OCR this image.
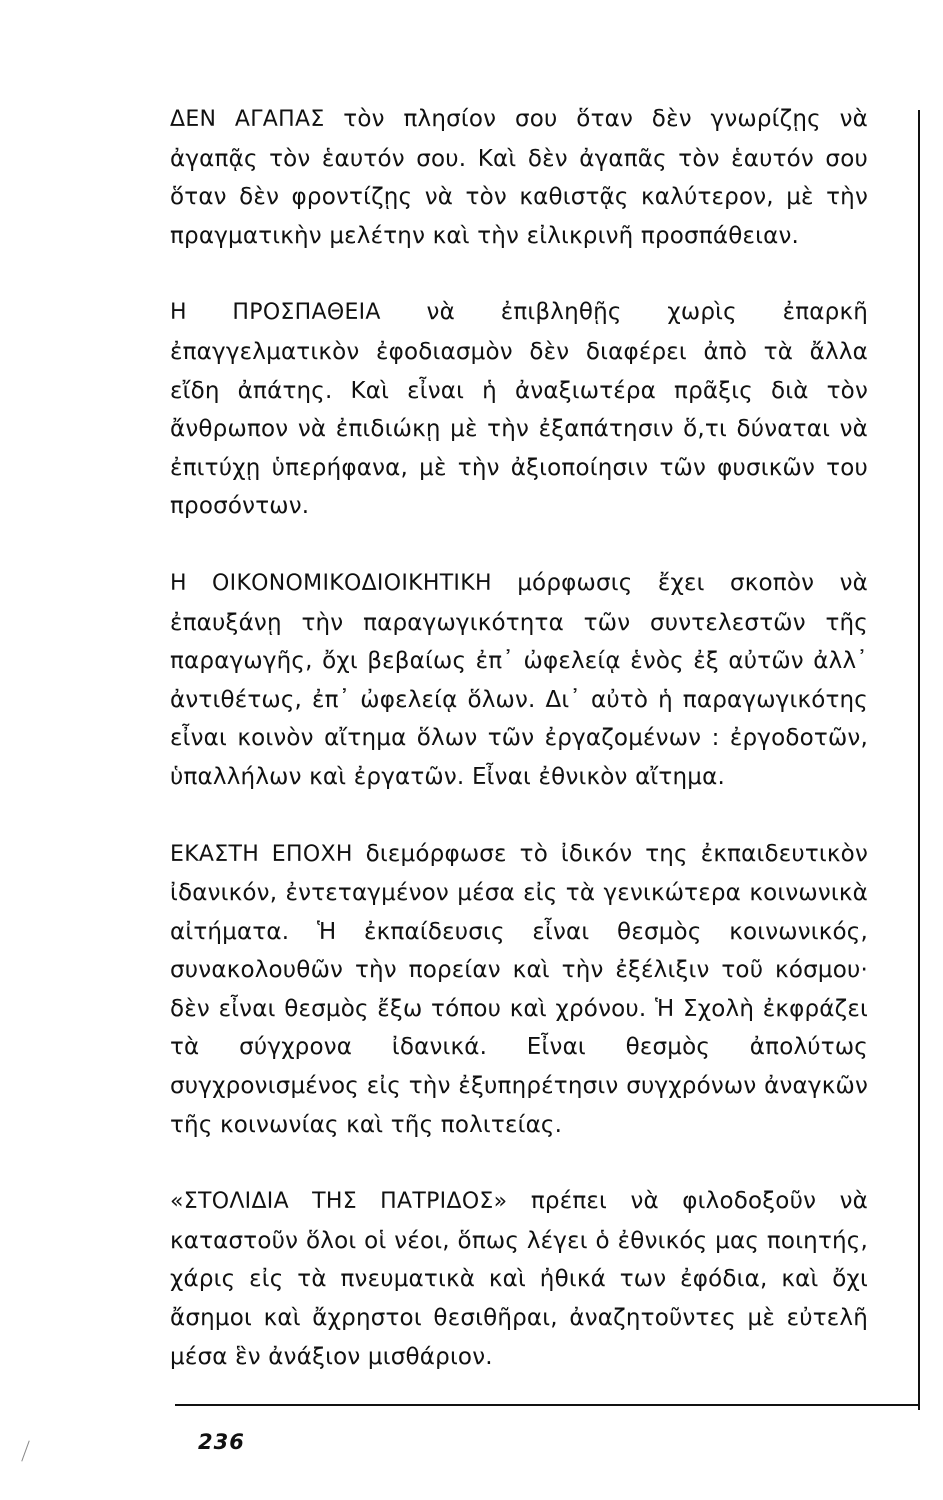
ΔΕΝ ΑΓΑΠΑΣ τὸν πλησίον σου ὅταν δὲν γνωρίζῃς νὰ ἀγαπᾷς τὸν ἑαυτόν σου. Καὶ δὲν ἀγαπᾶς τὸν ἑαυτόν σου ὅταν δὲν φροντίζῃς νὰ τὸν καθιστᾷς καλύτερον, μὲ τὴν πραγματικὴν μελέτην καὶ τὴν εἰλικρινῆ προσπάθειαν.

Η ΠΡΟΣΠΑΘΕΙΑ νὰ ἐπιβληθῇς χωρὶς ἐπαρκῆ ἐπαγγελματικὸν ἐφοδιασμὸν δὲν διαφέρει ἀπὸ τὰ ἄλλα εἴδη ἀπάτης. Καὶ εἶναι ἡ ἀναξιωτέρα πρᾶξις διὰ τὸν ἄνθρωπον νὰ ἐπιδιώκῃ μὲ τὴν ἐξαπάτησιν ὅ,τι δύναται νὰ ἐπιτύχῃ ὑπερήφανα, μὲ τὴν ἀξιοποίησιν τῶν φυσικῶν του προσόντων.

Η ΟΙΚΟΝΟΜΙΚΟΔΙΟΙΚΗΤΙΚΗ μόρφωσις ἔχει σκοπὸν νὰ ἐπαυξάνῃ τὴν παραγωγικότητα τῶν συντελεστῶν τῆς παραγωγῆς, ὄχι βεβαίως ἐπ᾿ ὠφελείᾳ ἑνὸς ἐξ αὐτῶν ἀλλ᾿ ἀντιθέτως, ἐπ᾿ ὠφελείᾳ ὅλων. Δι᾿ αὐτὸ ἡ παραγωγικότης εἶναι κοινὸν αἴτημα ὅλων τῶν ἐργαζομένων : ἐργοδοτῶν, ὑπαλλήλων καὶ ἐργατῶν. Εἶναι ἐθνικὸν αἴτημα.

ΕΚΑΣΤΗ ΕΠΟΧΗ διεμόρφωσε τὸ ἰδικόν της ἐκπαιδευτικὸν ἰδανικόν, ἐντεταγμένον μέσα εἰς τὰ γενικώτερα κοινωνικὰ αἰτήματα. Ἡ ἐκπαίδευσις εἶναι θεσμὸς κοινωνικός, συνακολουθῶν τὴν πορείαν καὶ τὴν ἐξέλιξιν τοῦ κόσμου· δὲν εἶναι θεσμὸς ἔξω τόπου καὶ χρόνου. Ἡ Σχολὴ ἐκφράζει τὰ σύγχρονα ἰδανικά. Εἶναι θεσμὸς ἀπολύτως συγχρονισμένος εἰς τὴν ἐξυπηρέτησιν συγχρόνων ἀναγκῶν τῆς κοινωνίας καὶ τῆς πολιτείας.

«ΣΤΟΛΙΔΙΑ ΤΗΣ ΠΑΤΡΙΔΟΣ» πρέπει νὰ φιλοδοξοῦν νὰ καταστοῦν ὅλοι οἱ νέοι, ὅπως λέγει ὁ ἐθνικός μας ποιητής, χάρις εἰς τὰ πνευματικὰ καὶ ἠθικά των ἐφόδια, καὶ ὄχι ἄσημοι καὶ ἄχρηστοι θεσιθῆραι, ἀναζητοῦντες μὲ εὐτελῆ μέσα ἓν ἀνάξιον μισθάριον.

236
